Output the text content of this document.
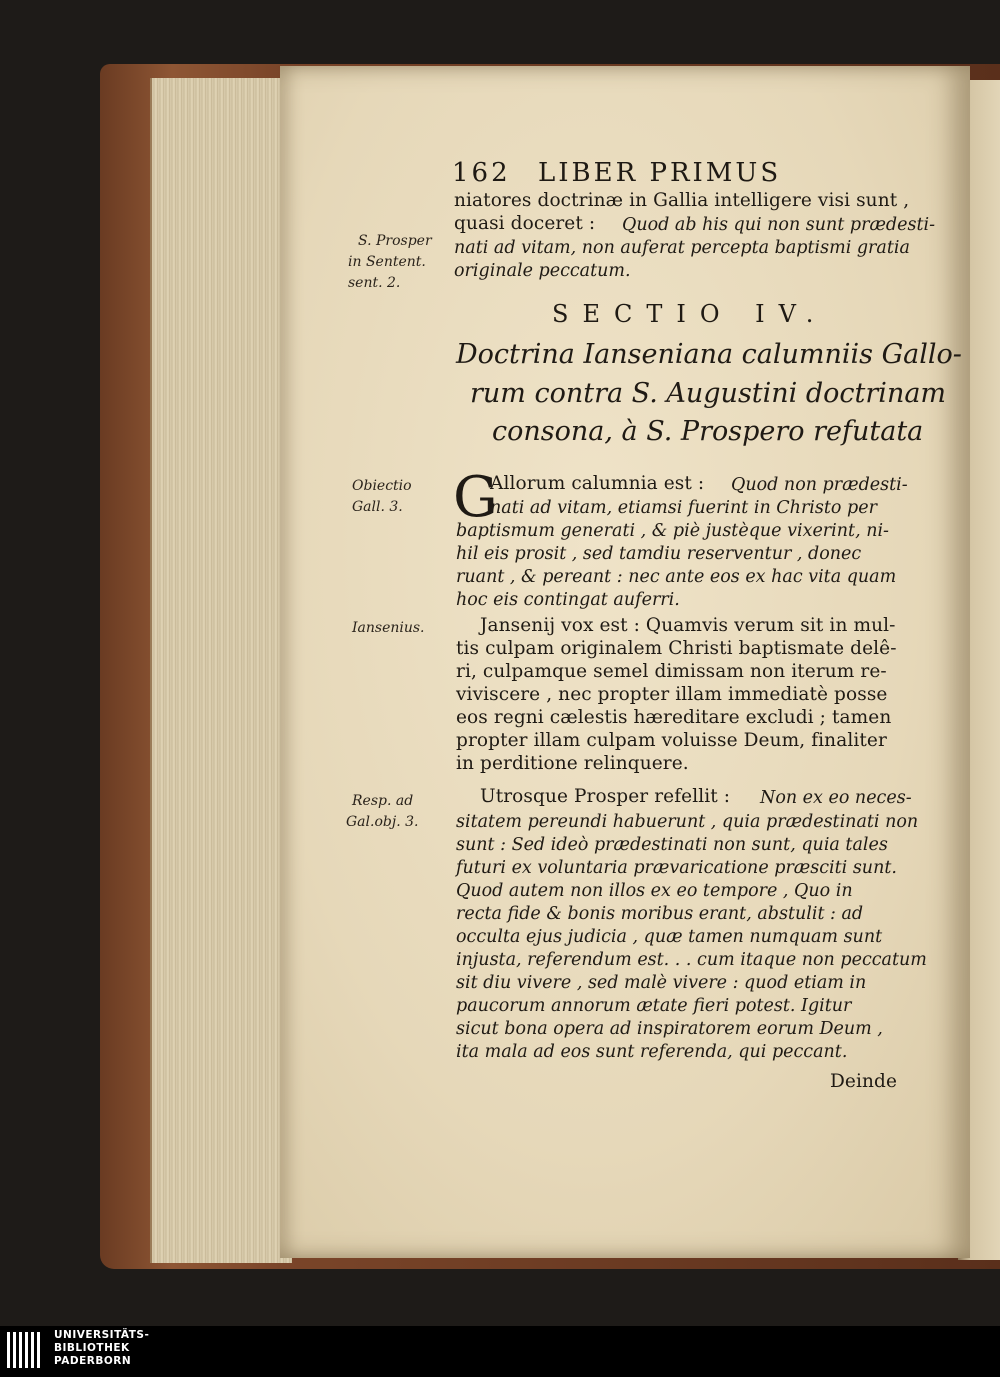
162 LIBER PRIMUS
niatores doctrinæ in Gallia intelligere visi sunt ,
quasi doceret : Quod ab his qui non sunt prædesti-
nati ad vitam, non auferat percepta baptismi gratia
originale peccatum.
S. Prosper
in Sentent.
sent. 2.
SECTIO IV.
Doctrina Ianseniana calumniis Gallo-
rum contra S. Augustini doctrinam
consona, à S. Prospero refutata
Obiectio
Gall. 3. G
Allorum calumnia est : Quod non prædesti-
nati ad vitam, etiamsi fuerint in Christo per
baptismum generati , & piè justèque vixerint, ni-
hil eis prosit , sed tamdiu reserventur , donec
ruant , & pereant : nec ante eos ex hac vita quam
hoc eis contingat auferri.
Iansenius.	Jansenij vox est : Quamvis verum sit in mul-
tis culpam originalem Christi baptismate delê-
ri, culpamque semel dimissam non iterum re-
viviscere , nec propter illam immediatè posse
eos regni cælestis hæreditare excludi ; tamen
propter illam culpam voluisse Deum, finaliter
in perditione relinquere.
Resp. ad
Gal.obj. 3.
Utrosque Prosper refellit : Non ex eo neces-
sitatem pereundi habuerunt , quia prædestinati non
sunt : Sed ideò prædestinati non sunt, quia tales
futuri ex voluntaria prævaricatione præsciti sunt.
Quod autem non illos ex eo tempore , Quo in
recta fide & bonis moribus erant, abstulit : ad
occulta ejus judicia , quæ tamen numquam sunt
injusta, referendum est. . . cum itaque non peccatum
sit diu vivere , sed malè vivere : quod etiam in
paucorum annorum ætate fieri potest. Igitur
sicut bona opera ad inspiratorem eorum Deum ,
ita mala ad eos sunt referenda, qui peccant.
Deinde
UNIVERSITÄTS-
BIBLIOTHEK
PADERBORN
